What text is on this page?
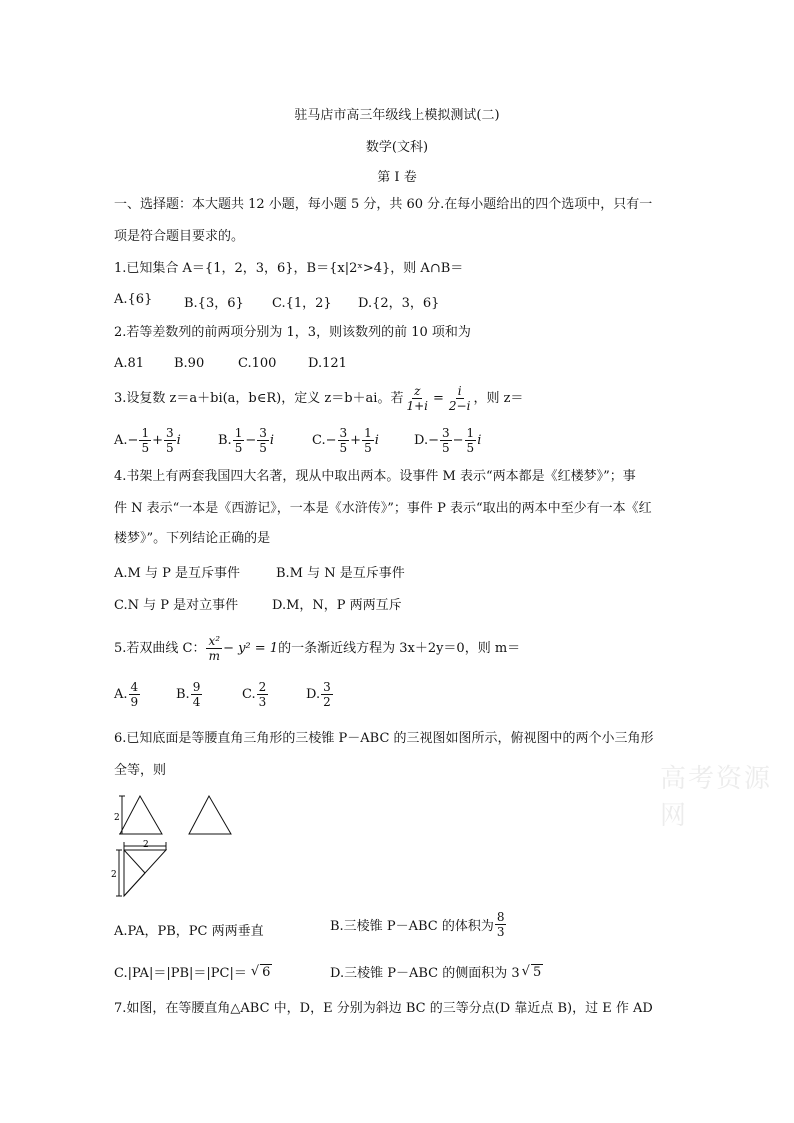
驻马店市高三年级线上模拟测试(二)
数学(文科)
第 I 卷
一、选择题：本大题共 12 小题，每小题 5 分，共 60 分.在每小题给出的四个选项中，只有一
项是符合题目要求的。
1.已知集合 A＝{1，2，3，6}，B＝{x|2ˣ>4}，则 A∩B＝
A.{6} B.{3，6} C.{1，2} D.{2，3，6}
2.若等差数列的前两项分别为 1，3，则该数列的前 10 项和为
A.81 B.90	C.100 D.121
3.设复数 z＝a＋bi(a，b∈R)，定义 z＝b＋ai。若 $\frac{z}{1+i} = \frac{i}{2-i}$ ，则 z＝
A. − $\frac{1}{5} + \frac{3}{5}$ i	B. $\frac{1}{5} - \frac{3}{5}$ i	C. − $\frac{3}{5} + \frac{1}{5}$ i	D. − $\frac{3}{5} - \frac{1}{5}$ i
4.书架上有两套我国四大名著，现从中取出两本。设事件 M 表示“两本都是《红楼梦》”；事
件 N 表示“一本是《西游记》，一本是《水浒传》”；事件 P 表示“取出的两本中至少有一本《红
楼梦》”。下列结论正确的是
A.M 与 P 是互斥事件	B.M 与 N 是互斥事件
C.N 与 P 是对立事件	D.M，N，P 两两互斥
5.若双曲线 C： $\frac{\text{x²}}{m} - y^2 = 1$ 的一条渐近线方程为 3x＋2y＝0，则 m＝
A. $\frac{4}{9}$	B. $\frac{9}{4}$	C. $\frac{2}{3}$	D. $\frac{3}{2}$
6.已知底面是等腰直角三角形的三棱锥 P－ABC 的三视图如图所示，俯视图中的两个小三角形
全等，则
2
2
2
A.PA，PB，PC 两两垂直	B.三棱锥 P－ABC 的体积为 $\frac{8}{3}$
C.|PA|＝|PB|＝|PC|＝ √ 6	D.三棱锥 P－ABC 的侧面积为 3 √ 5
7.如图，在等腰直角△ABC 中，D，E 分别为斜边 BC 的三等分点(D 靠近点 B)，过 E 作 AD
高考资源网
